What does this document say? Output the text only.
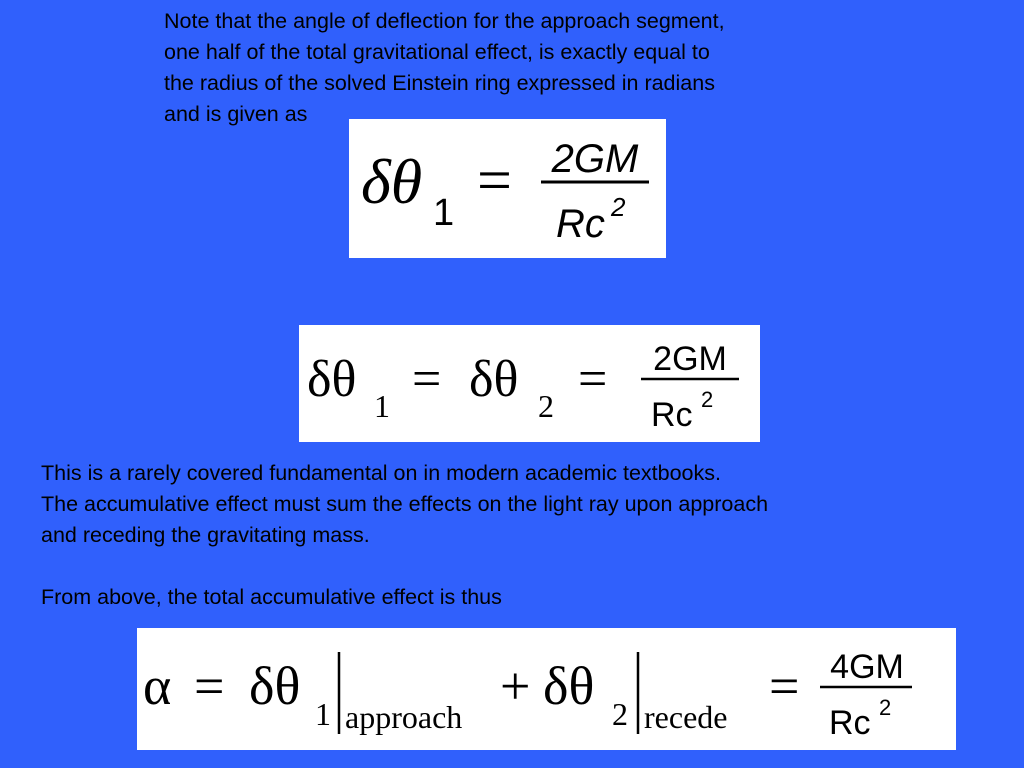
Note that the angle of deflection for the approach segment,
one half of the total gravitational effect, is exactly equal to
the radius of the solved Einstein ring expressed in radians
and is given as
δθ 1 = 2GM
Rc 2
δθ 1 = δθ 2 = 2GM
Rc 2
This is a rarely covered fundamental on in modern academic textbooks.
The accumulative effect must sum the effects on the light ray upon approach
and receding the gravitating mass.
From above, the total accumulative effect is thus
α = δθ 1 approach
+ δθ 2 recede
= 4GM
Rc 2
